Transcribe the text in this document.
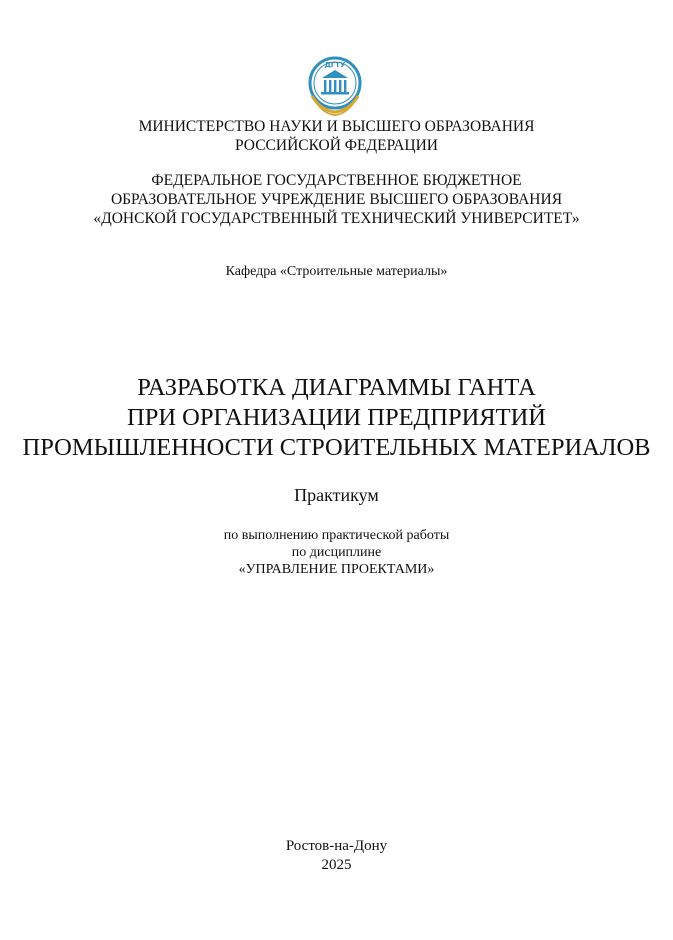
ДГТУ
МИНИСТЕРСТВО НАУКИ И ВЫСШЕГО ОБРАЗОВАНИЯ
РОССИЙСКОЙ ФЕДЕРАЦИИ
ФЕДЕРАЛЬНОЕ ГОСУДАРСТВЕННОЕ БЮДЖЕТНОЕ
ОБРАЗОВАТЕЛЬНОЕ УЧРЕЖДЕНИЕ ВЫСШЕГО ОБРАЗОВАНИЯ
«ДОНСКОЙ ГОСУДАРСТВЕННЫЙ ТЕХНИЧЕСКИЙ УНИВЕРСИТЕТ»
Кафедра «Строительные материалы»
РАЗРАБОТКА ДИАГРАММЫ ГАНТА
ПРИ ОРГАНИЗАЦИИ ПРЕДПРИЯТИЙ
ПРОМЫШЛЕННОСТИ СТРОИТЕЛЬНЫХ МАТЕРИАЛОВ
Практикум
по выполнению практической работы
по дисциплине
«УПРАВЛЕНИЕ ПРОЕКТАМИ»
Ростов-на-Дону
2025
